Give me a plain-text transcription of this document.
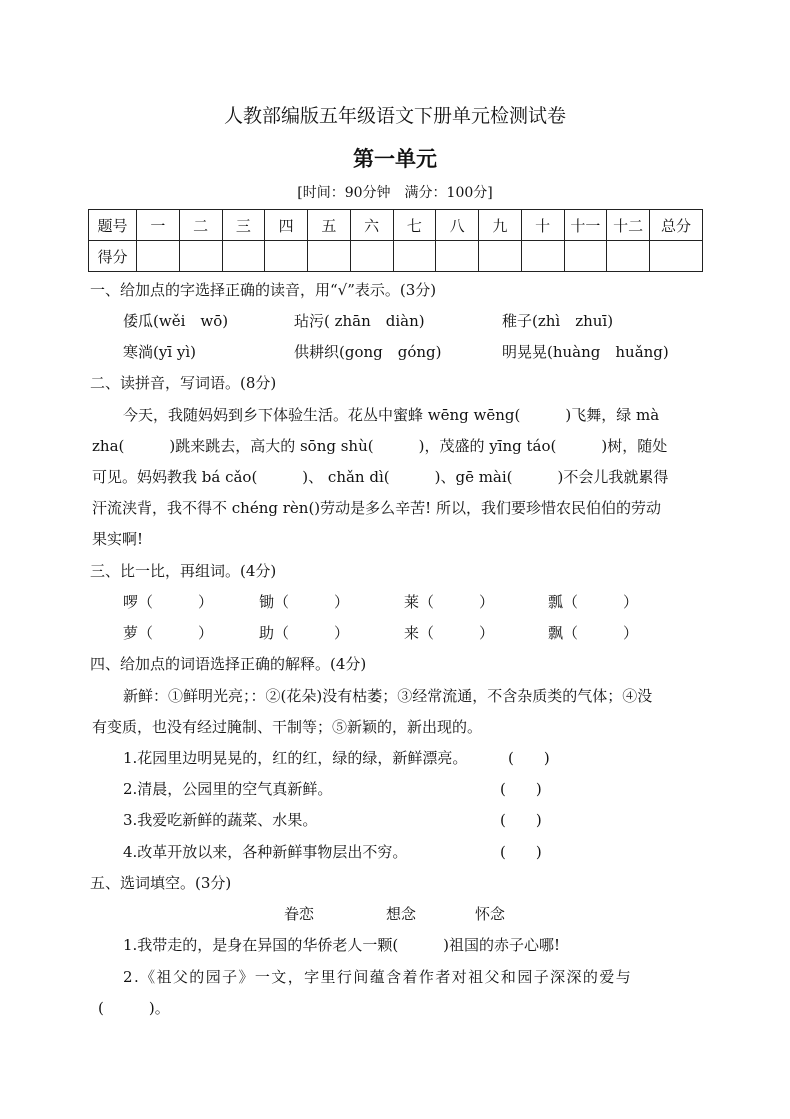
人教部编版五年级语文下册单元检测试卷
第一单元
[时间：90分钟　满分：100分]
题号	一	二	三	四	五	六	七	八	九	十	十一	十二	总分
得分													
一、给加点的字选择正确的读音，用“√”表示。(3分)
倭瓜(wěi　wō)	玷污( zhān　diàn)	稚子(zhì　zhuī)
寒淌(yī yì)	供耕织(gong　góng)	明晃晃(huàng　huǎng)
二、读拼音，写词语。(8分)
今天，我随妈妈到乡下体验生活。花丛中蜜蜂 wēng wēng(　　　)飞舞，绿 mà
zha(　　　)跳来跳去，高大的 sōng shù(　　　)，茂盛的 yīng táo(　　　)树，随处
可见。妈妈教我 bá cǎo(　　　)、 chǎn dì(　　　)、gē mài(　　　)不会儿我就累得
汗流浃背，我不得不 chéng rèn()劳动是多么辛苦! 所以，我们要珍惜农民伯伯的劳动
果实啊!
三、比一比，再组词。(4分)
啰（　　　）	锄（　　　）	莱（　　　）	瓢（　　　）
萝（　　　）	助（　　　）	来（　　　）	飘（　　　）
四、给加点的词语选择正确的解释。(4分)
新鲜：①鲜明光亮；：②(花朵)没有枯萎；③经常流通，不含杂质类的气体；④没
有变质，也没有经过腌制、干制等；⑤新颖的，新出现的。
1.花园里边明晃晃的，红的红，绿的绿，新鲜漂亮。	(　　)
2.清晨，公园里的空气真新鲜。	(　　)
3.我爱吃新鲜的蔬菜、水果。	(　　)
4.改革开放以来，各种新鲜事物层出不穷。	(　　)
五、选词填空。(3分)
眷恋	想念	怀念
1.我带走的，是身在异国的华侨老人一颗(　　　)祖国的赤子心哪!
2.《祖父的园子》一文，字里行间蕴含着作者对祖父和园子深深的爱与
(　　　)。
